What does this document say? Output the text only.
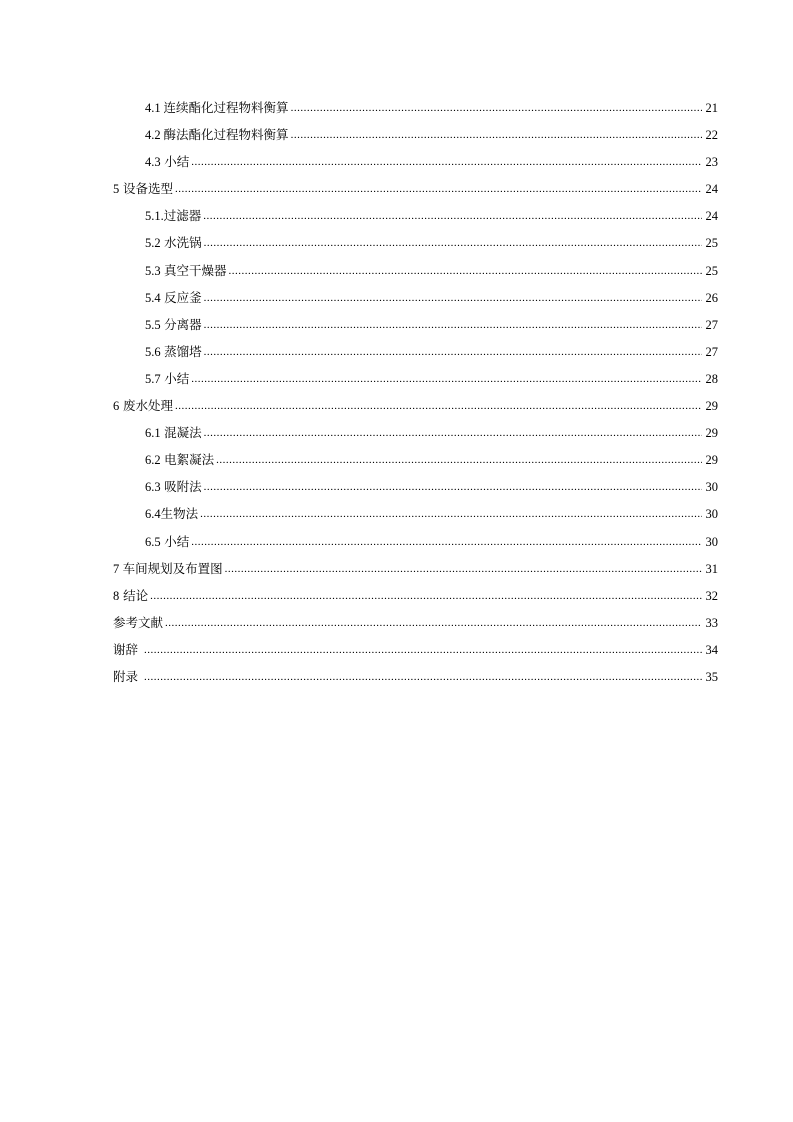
4.1 连续酯化过程物料衡算 .....	21
4.2 酶法酯化过程物料衡算 .....	22
4.3 小结 .....	23
5 设备选型 .....	24
5.1. 过滤器 .....	24
5.2 水洗锅 .....	25
5.3 真空干燥器 .....	25
5.4 反应釜 .....	26
5.5 分离器 .....	27
5.6 蒸馏塔 .....	27
5.7 小结 .....	28
6 废水处理 .....	29
6.1 混凝法 .....	29
6.2 电絮凝法 .....	29
6.3 吸附法 .....	30
6.4 生物法 .....	30
6.5 小结 .....	30
7 车间规划及布置图 .....	31
8 结论 .....	32
参考文献 .....	33
谢辞 .....	34
附录 .....	35
